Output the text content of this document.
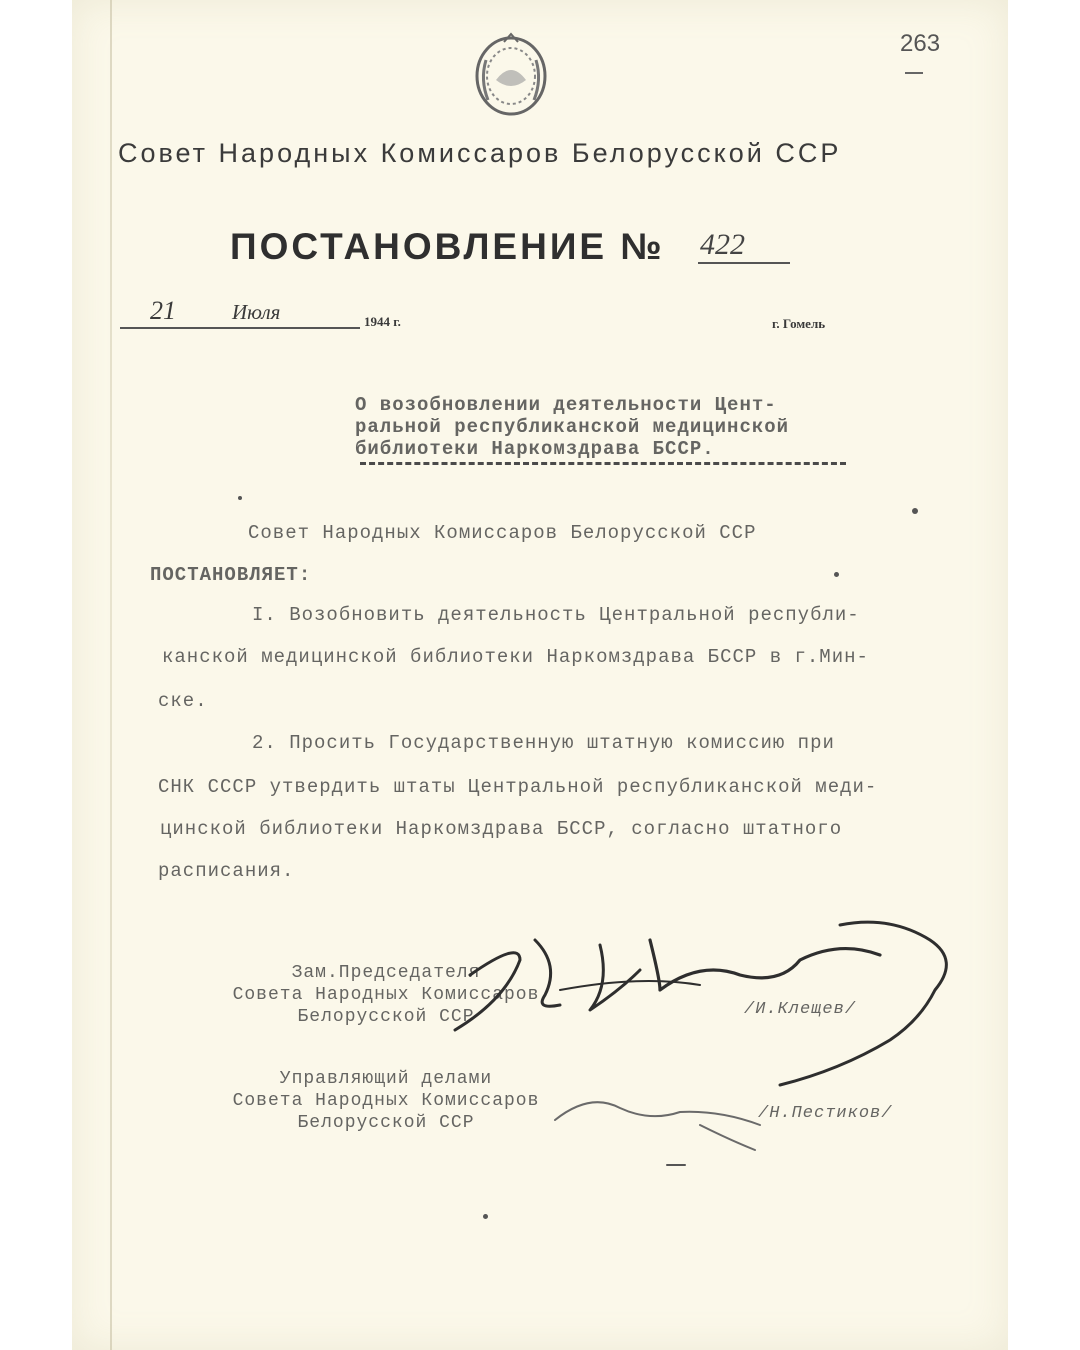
263
Совет Народных Комиссаров Белорусской ССР
ПОСТАНОВЛЕНИЕ № 422
21	Июля	1944 г.	г. Гомель
О возобновлении деятельности Цент-
ральной республиканской медицинской
библиотеки Наркомздрава БССР.
Совет Народных Комиссаров Белорусской ССР
ПОСТАНОВЛЯЕТ:
I. Возобновить деятельность Центральной республи-
канской медицинской библиотеки Наркомздрава БССР в г.Мин-
ске.
2. Просить Государственную штатную комиссию при
СНК СССР утвердить штаты Центральной республиканской меди-
цинской библиотеки Наркомздрава БССР, согласно штатного
расписания.
Зам.Председателя
Совета Народных Комиссаров
Белорусской ССР	/И.Клещев/
Управляющий делами
Совета Народных Комиссаров
Белорусской ССР	/Н.Пестиков/
